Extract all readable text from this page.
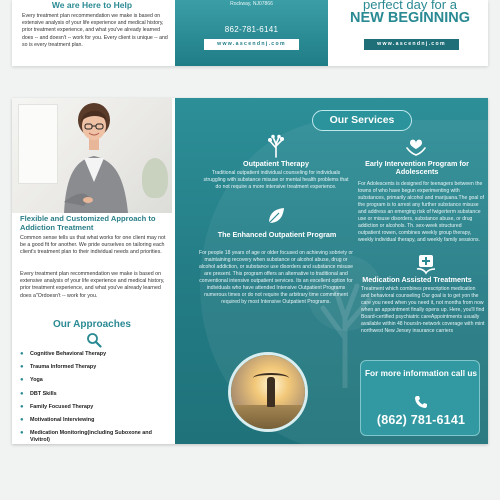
We are Here to Help

Every treatment plan recommendation we make is based on extensive analysis of your life experience and medical history, prior treatment experience, and what you've already learned does -- and doesn't -- work for you. Every client is unique -- and so is every treatment plan.

Rockway, NJ07866
862-781-6141
www.ascendnj.com
perfect day for a
NEW BEGINNING
www.ascendnj.com
Flexible and Customized Approach to Addiction Treatment

Common sense tells us that what works for one client may not be a good fit for another. We pride ourselves on tailoring each client's treatment plan to their individual needs and priorities.

Every treatment plan recommendation we make is based on extensive analysis of your life experience and medical history, prior treatment experience, and what you've already learned does a"Ordoesn't -- work for you.

Our Approaches
● Cognitive Behavioral Therapy
● Trauma Informed Therapy
● Yoga
● DBT Skills
● Family Focused Therapy
● Motivational Interviewing
● Medication Monitoring(including Suboxone and Vivitrol)
Our Services
Outpatient Therapy
Traditional outpatient individual counseling for individuals struggling with substance misuse or mental health problems that do not require a more intensive treatment experience.
The Enhanced Outpatient Program
For people 18 years of age or older focused on achieving sobriety or maintaining recovery when substance or alcohol abuse, drug or alcohol addiction, or substance use disorders and substance misuse are present. This program offers an alternative to traditional and conventional intensive outpatient services. Its an excellent option for individuals who have attended Intensive Outpatient Programs numerous times or do not require the arbitrary time commitment required by most Intensive Outpatient Programs.
Early Intervention Program for Adolescents
For Adolescents is designed for teenagers between the towns of who have begun experimenting with substances, primarily alcohol and marijuana.The goal of the program is to arrest any further substance misuse and address an emerging risk of fwigerterm substance use or misuse disorders, substance abuse, or drug addiction or alcohols. Th. sex-week structured outpatient rowen, combines weekly group therapy, weekly individual therapy, and weekly family sessions.
Medication Assisted Treatments
Treatment which combines prescription medication and behavioral counseling Our goal is to get yon the care you need when you need it, not months from now when an appointment finally opens up. Here, you'll find Board-certified psychiatric careAppointments usually available within 48 hoursIn-network coverage with mint northwest New Jersey insurance carriers
For more information call us
(862) 781-6141
